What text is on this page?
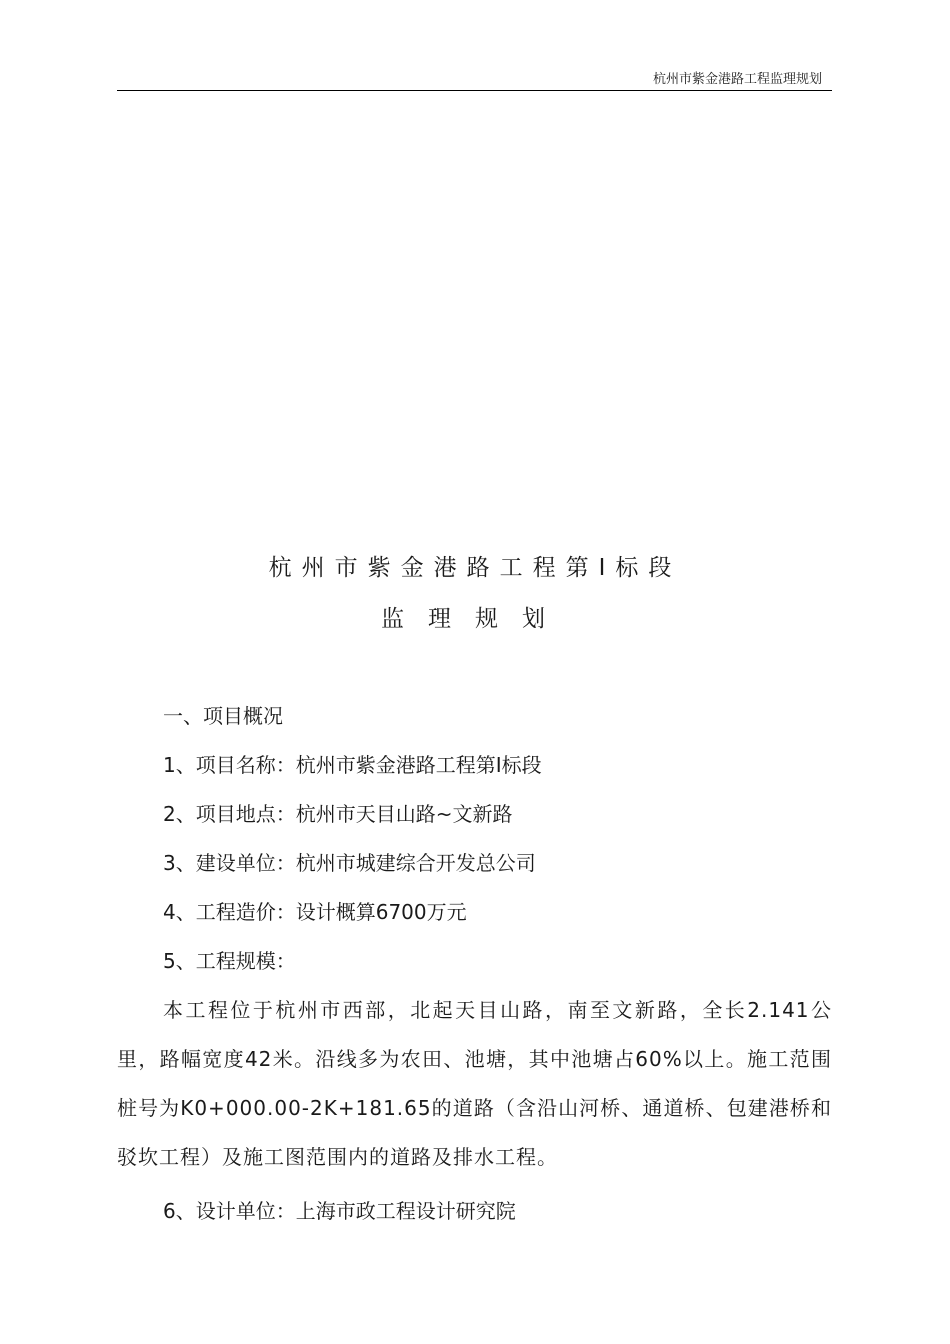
杭州市紫金港路工程监理规划
杭州市紫金港路工程第Ⅰ标段
监理规划
一、项目概况
1、项目名称：杭州市紫金港路工程第Ⅰ标段
2、项目地点：杭州市天目山路~文新路
3、建设单位：杭州市城建综合开发总公司
4、工程造价：设计概算6700万元
5、工程规模：
本工程位于杭州市西部，北起天目山路，南至文新路，全长2.141公里，路幅宽度42米。沿线多为农田、池塘，其中池塘占60%以上。施工范围桩号为K0+000.00-2K+181.65的道路（含沿山河桥、通道桥、包建港桥和驳坎工程）及施工图范围内的道路及排水工程。
6、设计单位：上海市政工程设计研究院
